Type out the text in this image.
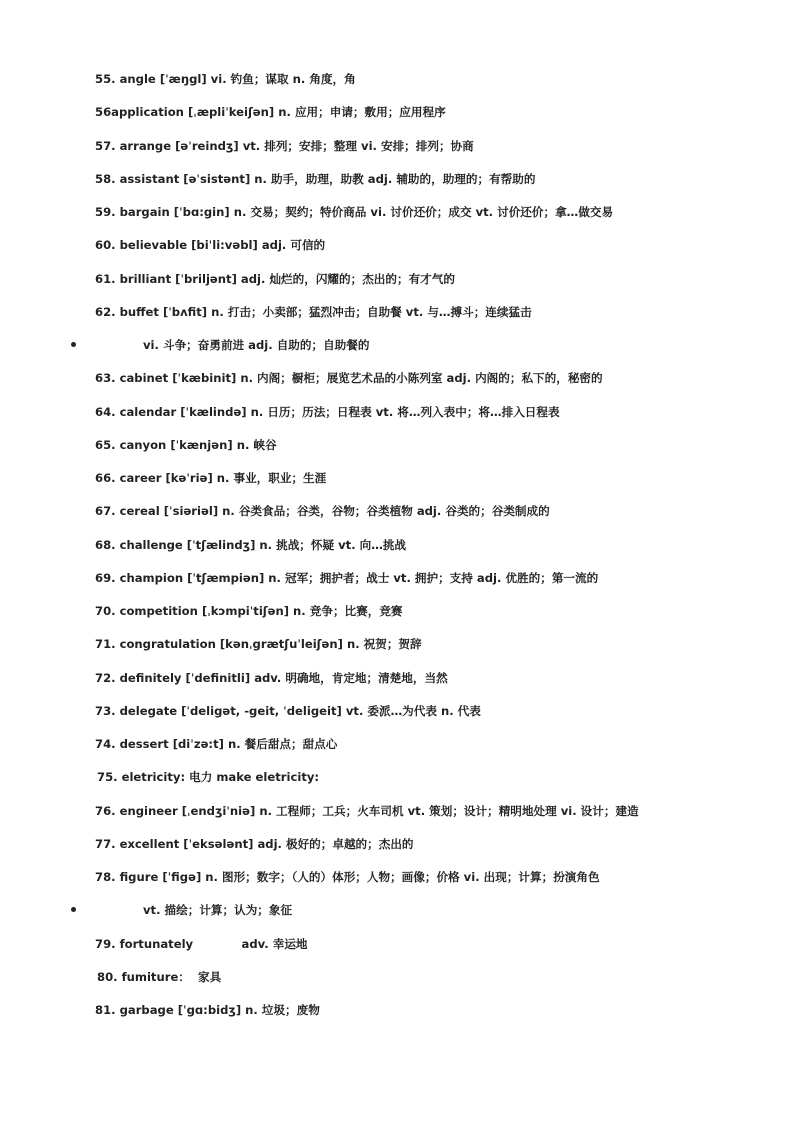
55. angle [ˈæŋgl] vi. 钓鱼；谋取 n. 角度，角
56application [ˌæpliˈkeiʃən] n. 应用；申请；敷用；应用程序
57. arrange [əˈreindʒ] vt. 排列；安排；整理 vi. 安排；排列；协商
58. assistant [əˈsistənt] n. 助手，助理，助教 adj. 辅助的，助理的；有帮助的
59. bargain [ˈbɑ:gin] n. 交易；契约；特价商品 vi. 讨价还价；成交 vt. 讨价还价；拿…做交易
60. believable [biˈli:vəbl] adj. 可信的
61. brilliant [ˈbriljənt] adj. 灿烂的，闪耀的；杰出的；有才气的
62. buffet [ˈbʌfit] n. 打击；小卖部；猛烈冲击；自助餐 vt. 与…搏斗；连续猛击
vi. 斗争；奋勇前进 adj. 自助的；自助餐的
63. cabinet [ˈkæbinit] n. 内阁；橱柜；展览艺术品的小陈列室 adj. 内阁的；私下的，秘密的
64. calendar [ˈkælində] n. 日历；历法；日程表 vt. 将…列入表中；将…排入日程表
65. canyon [ˈkænjən] n. 峡谷
66. career [kəˈriə] n. 事业，职业；生涯
67. cereal [ˈsiəriəl] n. 谷类食品；谷类，谷物；谷类植物 adj. 谷类的；谷类制成的
68. challenge [ˈtʃælindʒ] n. 挑战；怀疑 vt. 向…挑战
69. champion [ˈtʃæmpiən] n. 冠军；拥护者；战士 vt. 拥护；支持 adj. 优胜的；第一流的
70. competition [ˌkɔmpiˈtiʃən] n. 竞争；比赛，竞赛
71. congratulation [kənˌgrætʃuˈleiʃən] n. 祝贺；贺辞
72. definitely [ˈdefinitli] adv. 明确地，肯定地；清楚地，当然
73. delegate [ˈdeligət, -geit, ˈdeligeit] vt. 委派…为代表 n. 代表
74. dessert [diˈzə:t] n. 餐后甜点；甜点心
75. eletricity: 电力 make eletricity:
76. engineer [ˌendʒiˈniə] n. 工程师；工兵；火车司机 vt. 策划；设计；精明地处理 vi. 设计；建造
77. excellent [ˈeksələnt] adj. 极好的；卓越的；杰出的
78. figure [ˈfigə] n. 图形；数字；（人的）体形；人物；画像；价格 vi. 出现；计算；扮演角色
vt. 描绘；计算；认为；象征
79. fortunately            adv. 幸运地
80. fumiture：  家具
81. garbage [ˈgɑ:bidʒ] n. 垃圾；废物
